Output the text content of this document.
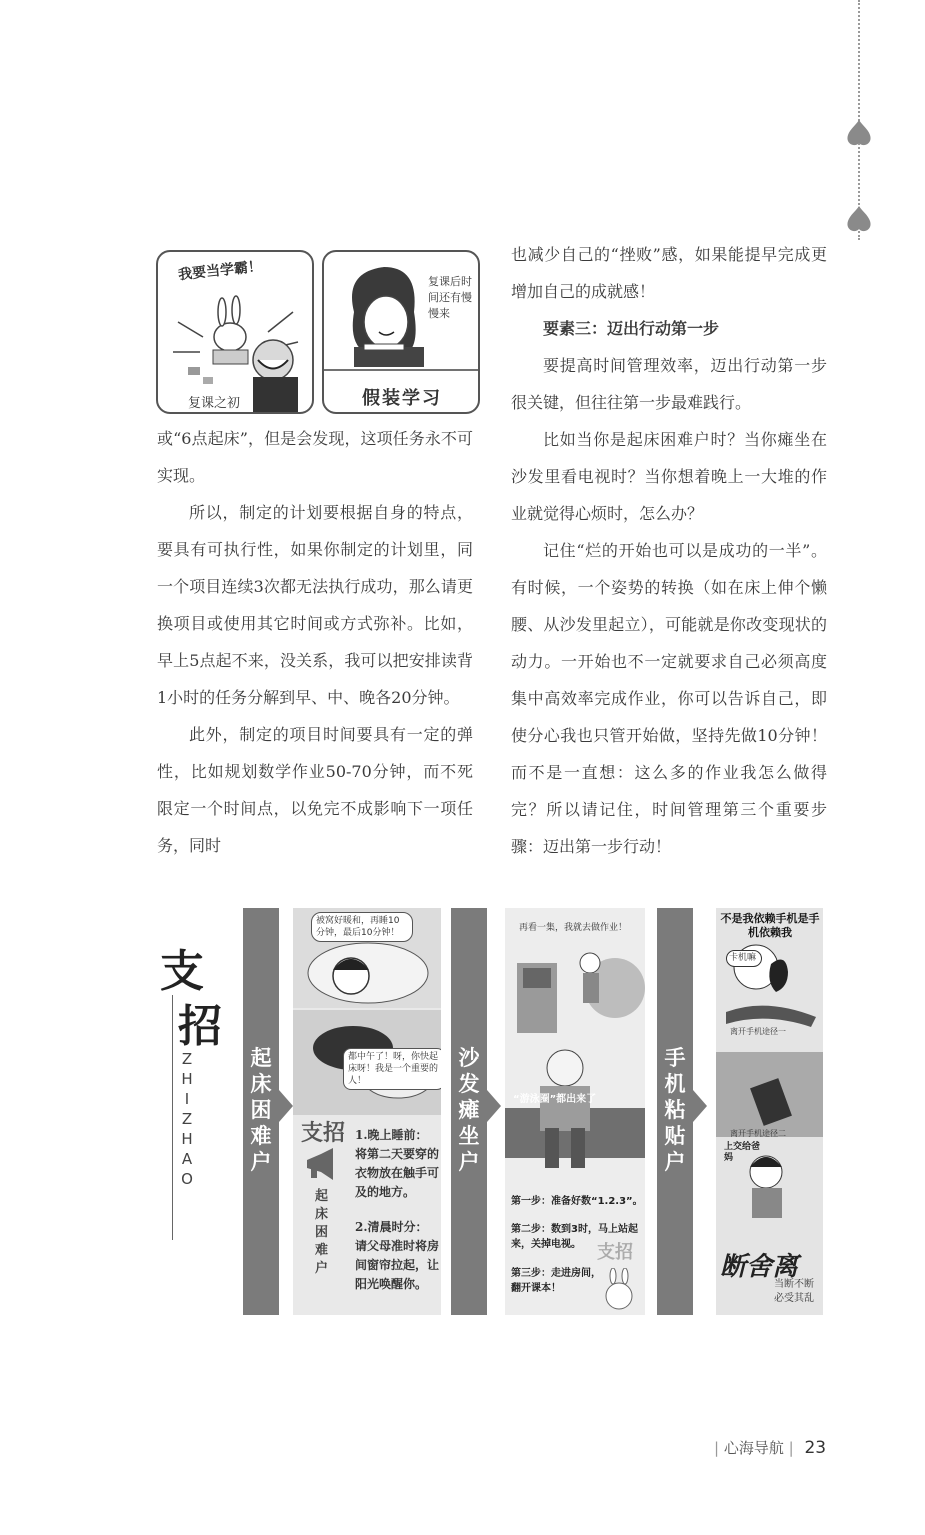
我要当学霸！
复课之初
复课后时间还有慢慢来
假装学习

或“6点起床”，但是会发现，这项任务永不可实现。

所以，制定的计划要根据自身的特点，要具有可执行性，如果你制定的计划里，同一个项目连续3次都无法执行成功，那么请更换项目或使用其它时间或方式弥补。比如，早上5点起不来，没关系，我可以把安排读背1小时的任务分解到早、中、晚各20分钟。

此外，制定的项目时间要具有一定的弹性，比如规划数学作业50-70分钟，而不死限定一个时间点，以免完不成影响下一项任务，同时

也减少自己的“挫败”感，如果能提早完成更增加自己的成就感！

要素三：迈出行动第一步

要提高时间管理效率，迈出行动第一步很关键，但往往第一步最难践行。

比如当你是起床困难户时？当你瘫坐在沙发里看电视时？当你想着晚上一大堆的作业就觉得心烦时，怎么办？

记住“烂的开始也可以是成功的一半”。有时候，一个姿势的转换（如在床上伸个懒腰、从沙发里起立），可能就是你改变现状的动力。一开始也不一定就要求自己必须高度集中高效率完成作业，你可以告诉自己，即使分心我也只管开始做，坚持先做10分钟！而不是一直想：这么多的作业我怎么做得完？所以请记住，时间管理第三个重要步骤：迈出第一步行动！

支
招
ZHIZHAO	起床困难户
被窝好暖和，再睡10分钟，最后10分钟！
都中午了！呀，你快起床呀！我是一个重要的人！
支招
起床困难户
1.晚上睡前：将第二天要穿的衣物放在触手可及的地方。
2.清晨时分：请父母准时将房间窗帘拉起，让阳光唤醒你。
沙发瘫坐户
再看一集，我就去做作业！
“游泳圈”都出来了
第一步：准备好数“1.2.3”。
第二步：数到3时，马上站起来，关掉电视。
第三步：走进房间，翻开课本！
支招
手机粘贴户
不是我依赖手机是手机依赖我
卡机嘛
离开手机途径一
离开手机途径二
上交给爸妈
断舍离
当断不断必受其乱
| 心海导航 | 23
